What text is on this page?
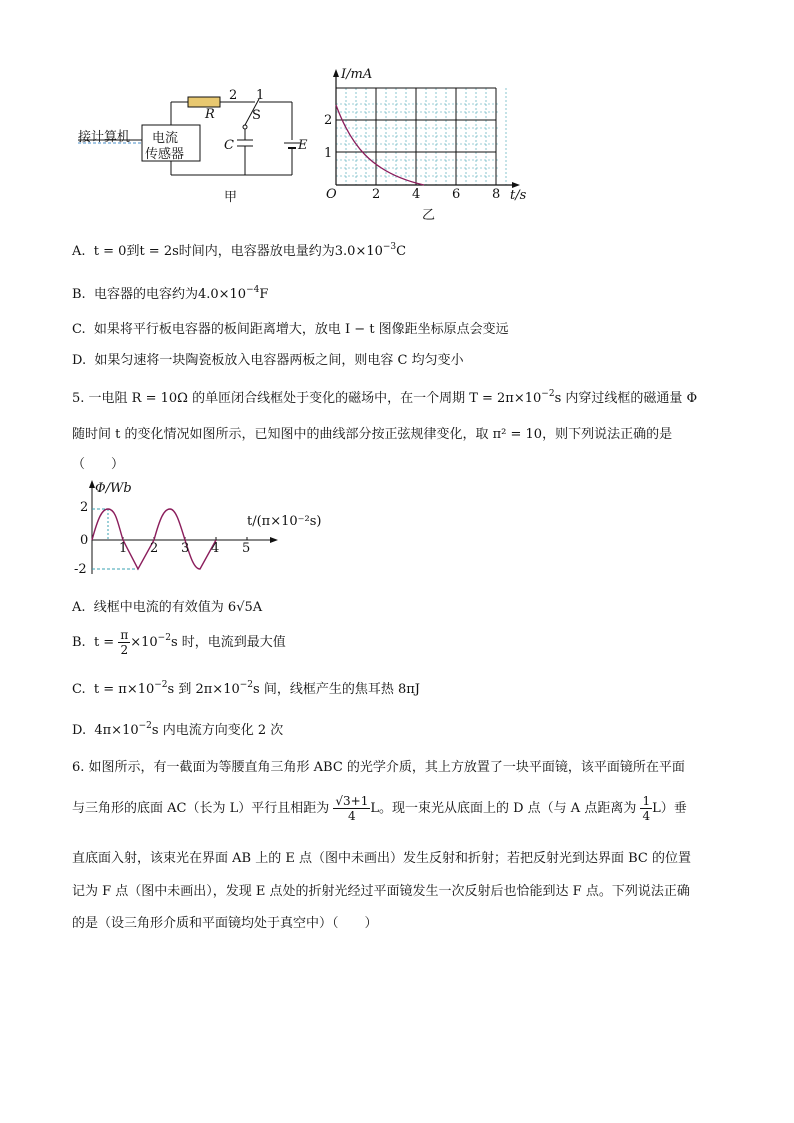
接计算机 电流
传感器
R
2 1
S
C	E
甲
I/mA
1
2
O	2 4 6 8 t/s
乙
A. t = 0到t = 2s时间内，电容器放电量约为$3.0\times 10^{-3}C$
B. 电容器的电容约为$4.0\times 10^{-4}F$
C. 如果将平行板电容器的板间距离增大，放电 I − t 图像距坐标原点会变远
D. 如果匀速将一块陶瓷板放入电容器两板之间，则电容 C 均匀变小
5. 一电阻 R = 10Ω 的单匝闭合线框处于变化的磁场中，在一个周期 $T = 2\pi\times 10^{-2}s$ 内穿过线框的磁通量 Φ
随时间 t 的变化情况如图所示，已知图中的曲线部分按正弦规律变化，取 π² = 10，则下列说法正确的是
（　　）
Φ/Wb
t/(π×10⁻²s)
2
0
-2
1 2 3 4 5
A. 线框中电流的有效值为 6√5A
B. $t = \frac{\pi}{2} \times 10^{-2}s$ 时，电流到最大值
C. $t = \pi\times 10^{-2}s$ 到 $2\pi\times 10^{-2}s$ 间，线框产生的焦耳热 8πJ
D. $4\pi\times 10^{-2}s$ 内电流方向变化 2 次
6. 如图所示，有一截面为等腰直角三角形 ABC 的光学介质，其上方放置了一块平面镜，该平面镜所在平面
与三角形的底面 AC（长为 L）平行且相距为 $\frac{√3+1}{4}$ L。现一束光从底面上的 D 点（与 A 点距离为 $\frac{1}{4} L$）垂
直底面入射，该束光在界面 AB 上的 E 点（图中未画出）发生反射和折射；若把反射光到达界面 BC 的位置
记为 F 点（图中未画出），发现 E 点处的折射光经过平面镜发生一次反射后也恰能到达 F 点。下列说法正确
的是（设三角形介质和平面镜均处于真空中）（　　）
